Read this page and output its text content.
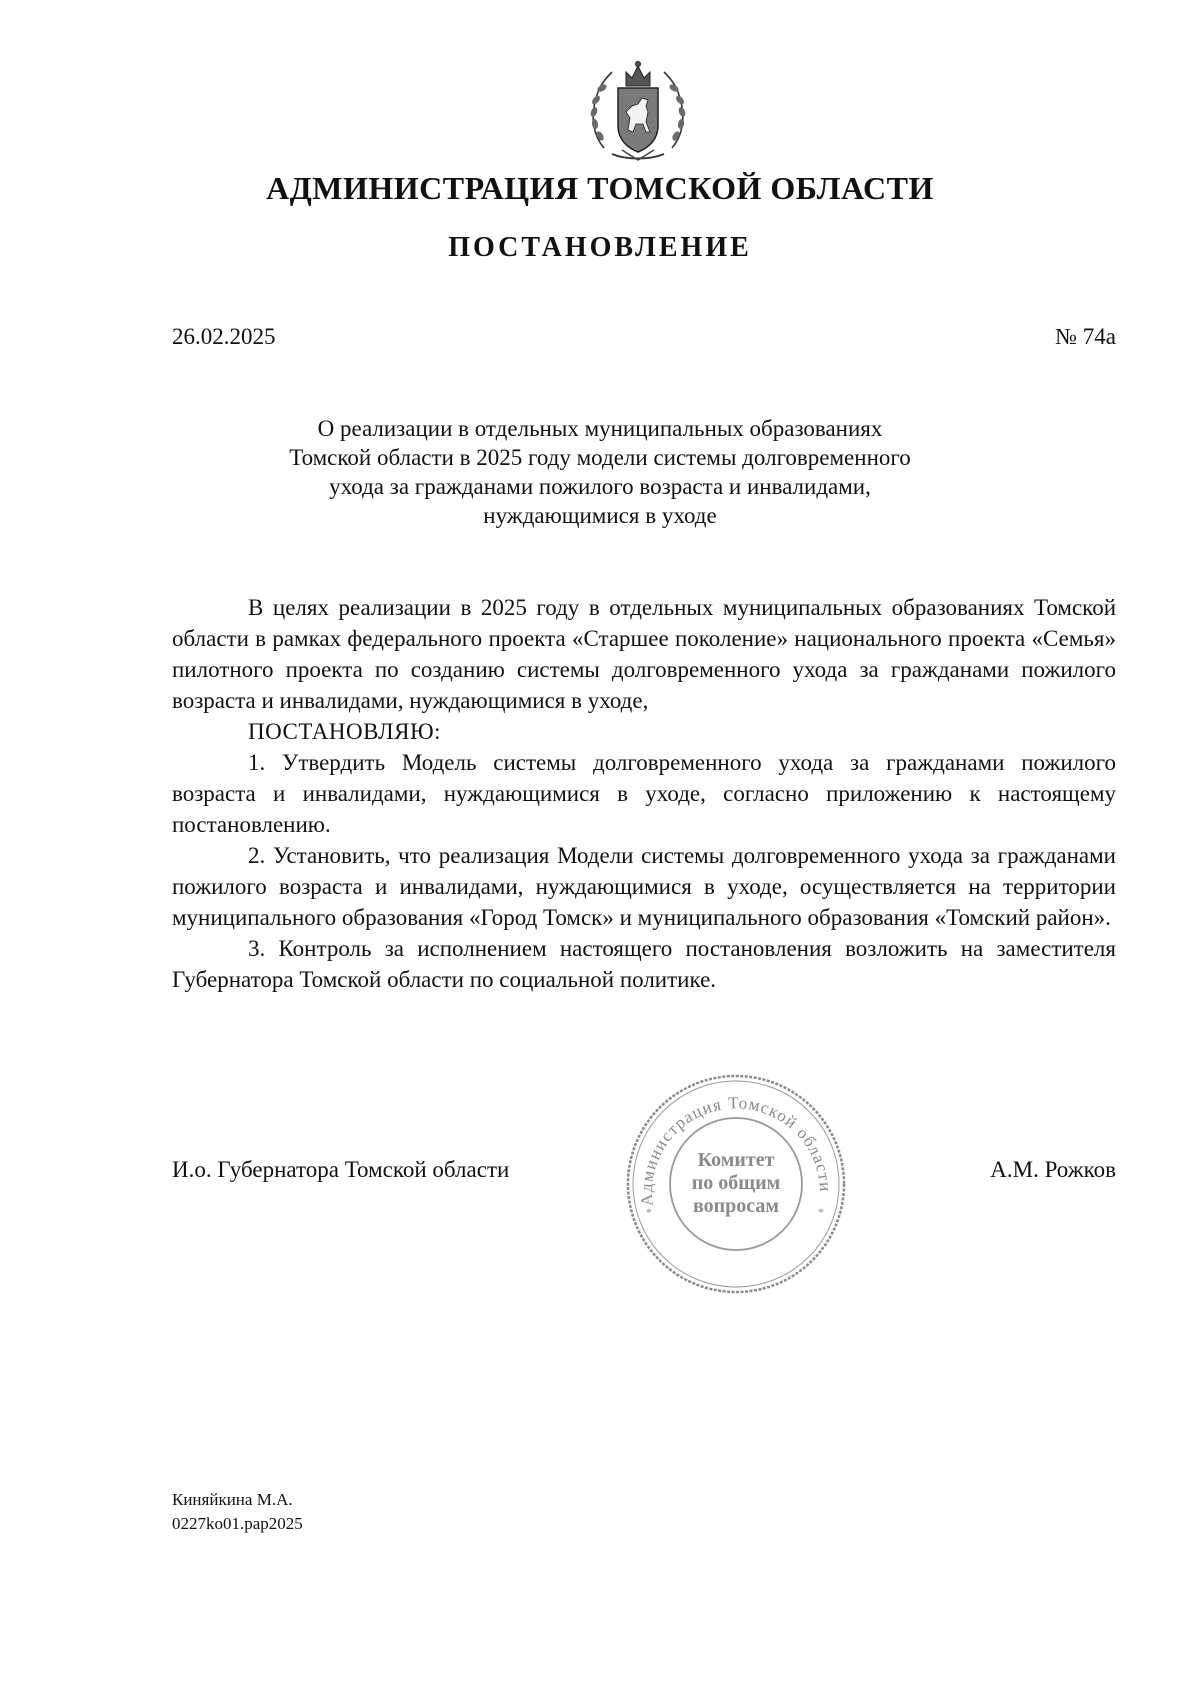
АДМИНИСТРАЦИЯ ТОМСКОЙ ОБЛАСТИ
ПОСТАНОВЛЕНИЕ
26.02.2025	№ 74а
О реализации в отдельных муниципальных образованиях
Томской области в 2025 году модели системы долговременного
ухода за гражданами пожилого возраста и инвалидами,
нуждающимися в уходе

В целях реализации в 2025 году в отдельных муниципальных образованиях Томской области в рамках федерального проекта «Старшее поколение» национального проекта «Семья» пилотного проекта по созданию системы долговременного ухода за гражданами пожилого возраста и инвалидами, нуждающимися в уходе,

ПОСТАНОВЛЯЮ:

1. Утвердить Модель системы долговременного ухода за гражданами пожилого возраста и инвалидами, нуждающимися в уходе, согласно приложению к настоящему постановлению.

2. Установить, что реализация Модели системы долговременного ухода за гражданами пожилого возраста и инвалидами, нуждающимися в уходе, осуществляется на территории муниципального образования «Город Томск» и муниципального образования «Томский район».

3. Контроль за исполнением настоящего постановления возложить на заместителя Губернатора Томской области по социальной политике.

И.о. Губернатора Томской области
Администрация Томской области
*	*
Комитет
по общим
вопросам
А.М. Рожков
Киняйкина М.А.
0227ko01.pap2025
